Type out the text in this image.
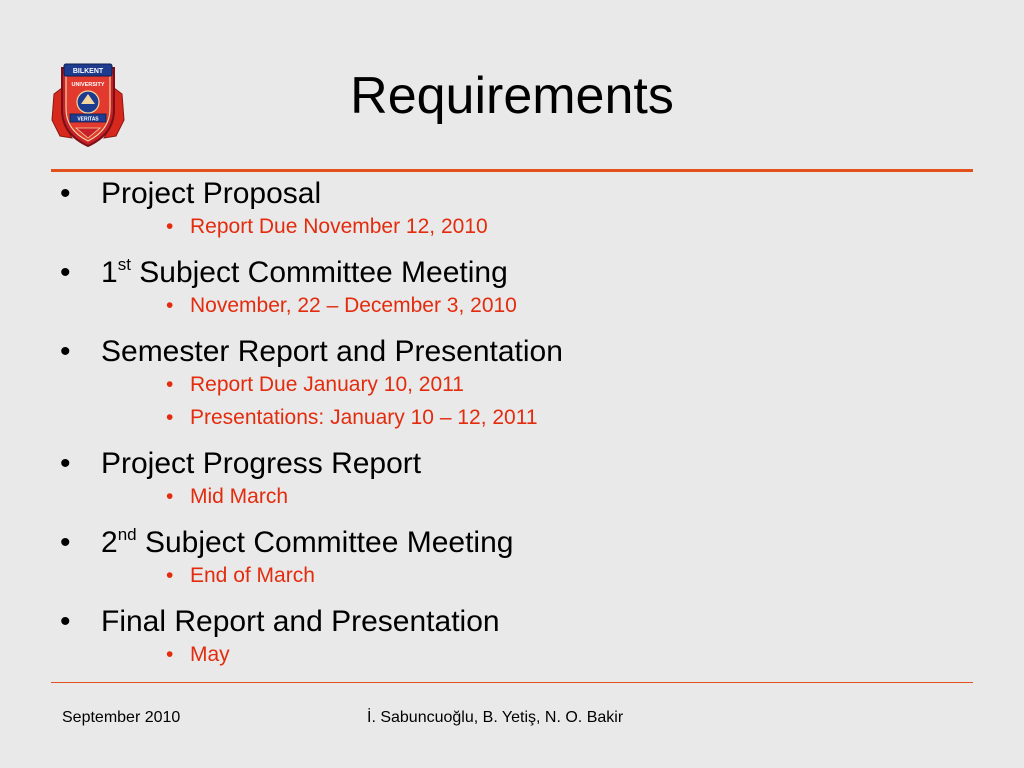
BILKENT
UNIVERSITY
VERITAS	Requirements
• Project Proposal
• Report Due November 12, 2010
• 1st Subject Committee Meeting
• November, 22 – December 3, 2010
• Semester Report and Presentation
• Report Due January 10, 2011
• Presentations: January 10 – 12, 2011
• Project Progress Report
• Mid March
• 2nd Subject Committee Meeting
• End of March
• Final Report and Presentation
• May
September 2010	İ. Sabuncuoğlu, B. Yetiş, N. O. Bakir
